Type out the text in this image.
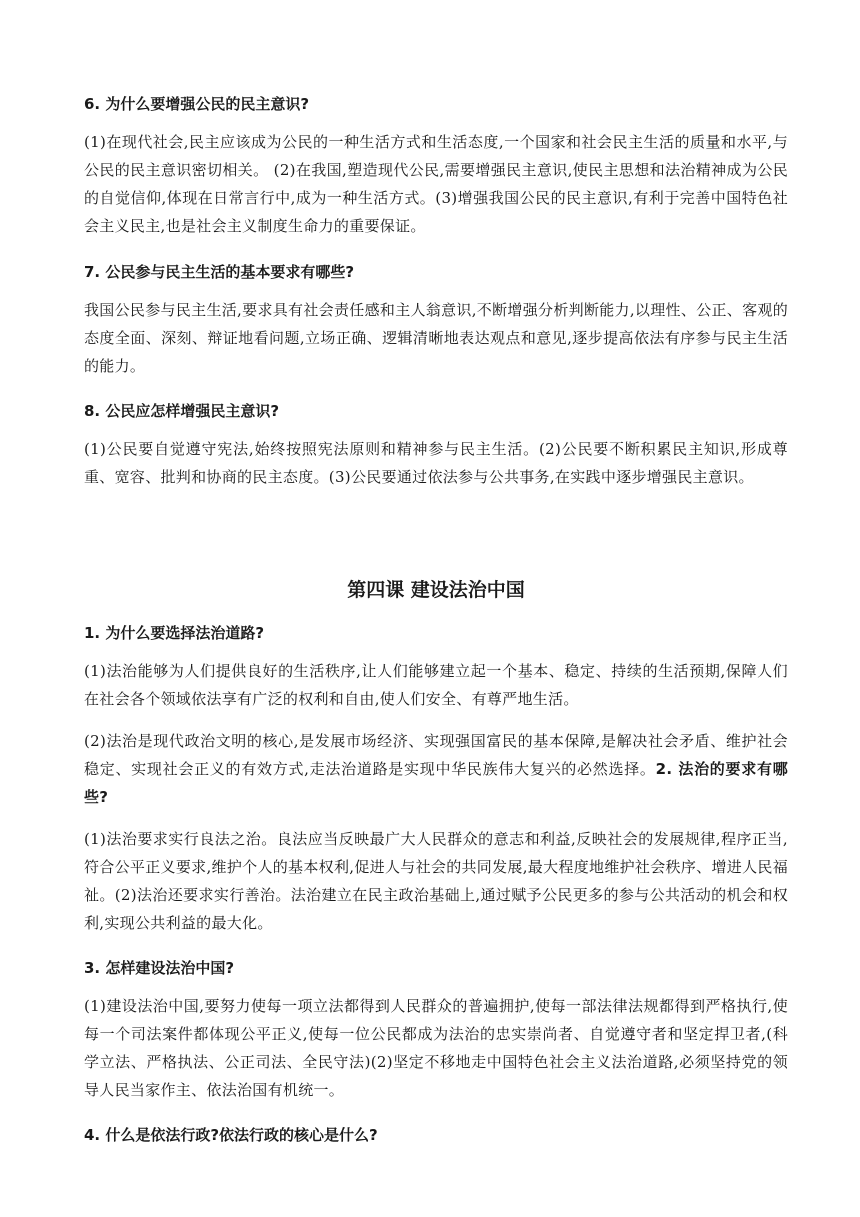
6. 为什么要增强公民的民主意识?

(1)在现代社会,民主应该成为公民的一种生活方式和生活态度,一个国家和社会民主生活的质量和水平,与公民的民主意识密切相关。 (2)在我国,塑造现代公民,需要增强民主意识,使民主思想和法治精神成为公民的自觉信仰,体现在日常言行中,成为一种生活方式。(3)增强我国公民的民主意识,有利于完善中国特色社会主义民主,也是社会主义制度生命力的重要保证。

7. 公民参与民主生活的基本要求有哪些?

我国公民参与民主生活,要求具有社会责任感和主人翁意识,不断增强分析判断能力,以理性、公正、客观的态度全面、深刻、辩证地看问题,立场正确、逻辑清晰地表达观点和意见,逐步提高依法有序参与民主生活的能力。

8. 公民应怎样增强民主意识?

(1)公民要自觉遵守宪法,始终按照宪法原则和精神参与民主生活。(2)公民要不断积累民主知识,形成尊重、宽容、批判和协商的民主态度。(3)公民要通过依法参与公共事务,在实践中逐步增强民主意识。

第四课 建设法治中国
1. 为什么要选择法治道路?

(1)法治能够为人们提供良好的生活秩序,让人们能够建立起一个基本、稳定、持续的生活预期,保障人们在社会各个领域依法享有广泛的权利和自由,使人们安全、有尊严地生活。

(2)法治是现代政治文明的核心,是发展市场经济、实现强国富民的基本保障,是解决社会矛盾、维护社会稳定、实现社会正义的有效方式,走法治道路是实现中华民族伟大复兴的必然选择。2. 法治的要求有哪些?

(1)法治要求实行良法之治。良法应当反映最广大人民群众的意志和利益,反映社会的发展规律,程序正当,符合公平正义要求,维护个人的基本权利,促进人与社会的共同发展,最大程度地维护社会秩序、增进人民福祉。(2)法治还要求实行善治。法治建立在民主政治基础上,通过赋予公民更多的参与公共活动的机会和权利,实现公共利益的最大化。

3. 怎样建设法治中国?

(1)建设法治中国,要努力使每一项立法都得到人民群众的普遍拥护,使每一部法律法规都得到严格执行,使每一个司法案件都体现公平正义,使每一位公民都成为法治的忠实崇尚者、自觉遵守者和坚定捍卫者,(科学立法、严格执法、公正司法、全民守法)(2)坚定不移地走中国特色社会主义法治道路,必须坚持党的领导人民当家作主、依法治国有机统一。

4. 什么是依法行政?依法行政的核心是什么?
